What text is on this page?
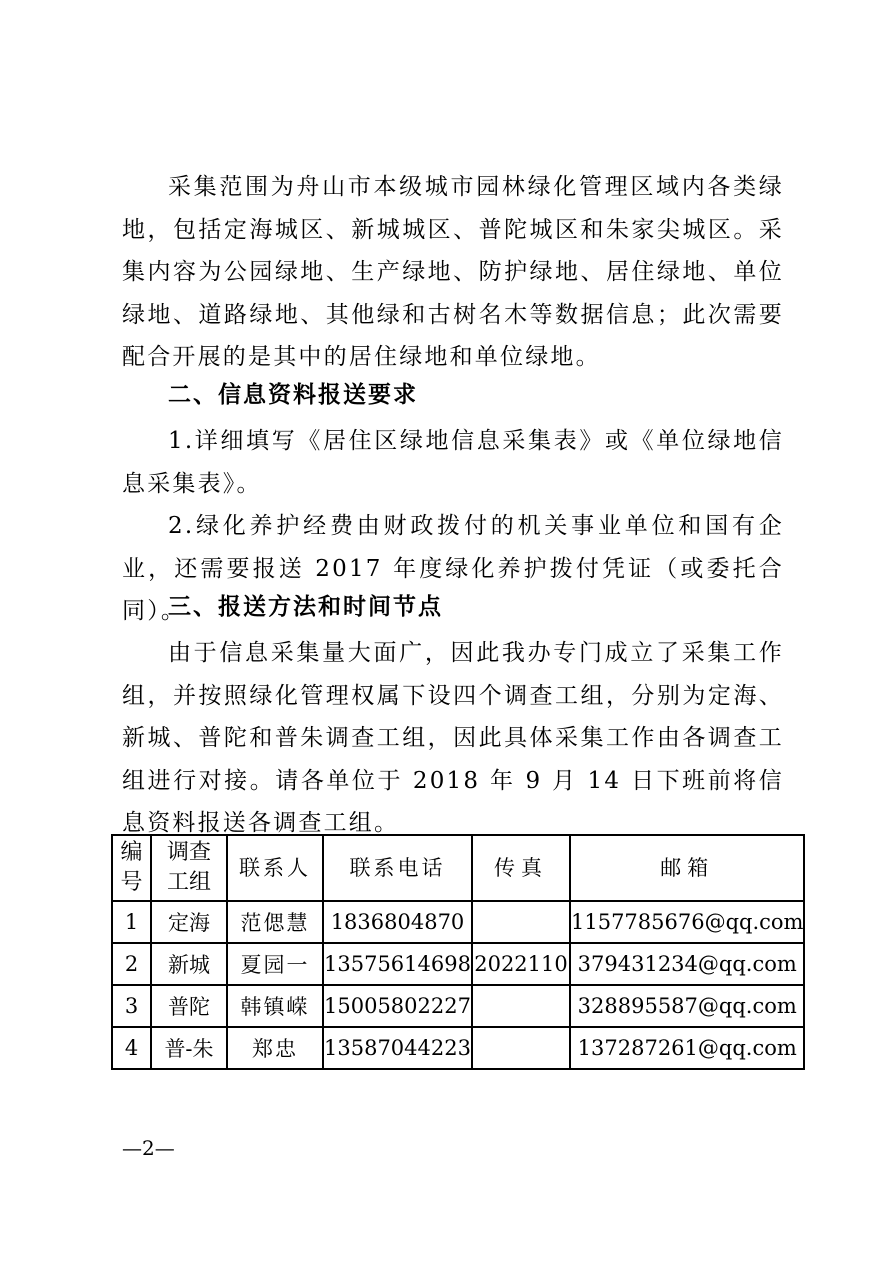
采集范围为舟山市本级城市园林绿化管理区域内各类绿地，包括定海城区、新城城区、普陀城区和朱家尖城区。采集内容为公园绿地、生产绿地、防护绿地、居住绿地、单位绿地、道路绿地、其他绿和古树名木等数据信息；此次需要配合开展的是其中的居住绿地和单位绿地。

二、信息资料报送要求

1.详细填写《居住区绿地信息采集表》或《单位绿地信息采集表》。

2.绿化养护经费由财政拨付的机关事业单位和国有企业，还需要报送 2017 年度绿化养护拨付凭证（或委托合同）。

三、报送方法和时间节点

由于信息采集量大面广，因此我办专门成立了采集工作组，并按照绿化管理权属下设四个调查工组，分别为定海、新城、普陀和普朱调查工组，因此具体采集工作由各调查工组进行对接。请各单位于 2018 年 9 月 14 日下班前将信息资料报送各调查工组。

编号	调查工组	联系人	联系电话	传真	邮箱
1	定海	范偲慧	1836804870		1157785676@qq.com
2	新城	夏园一	13575614698	2022110	379431234@qq.com
3	普陀	韩镇嵘	15005802227		328895587@qq.com
4	普-朱	郑忠	13587044223		137287261@qq.com
—2—
